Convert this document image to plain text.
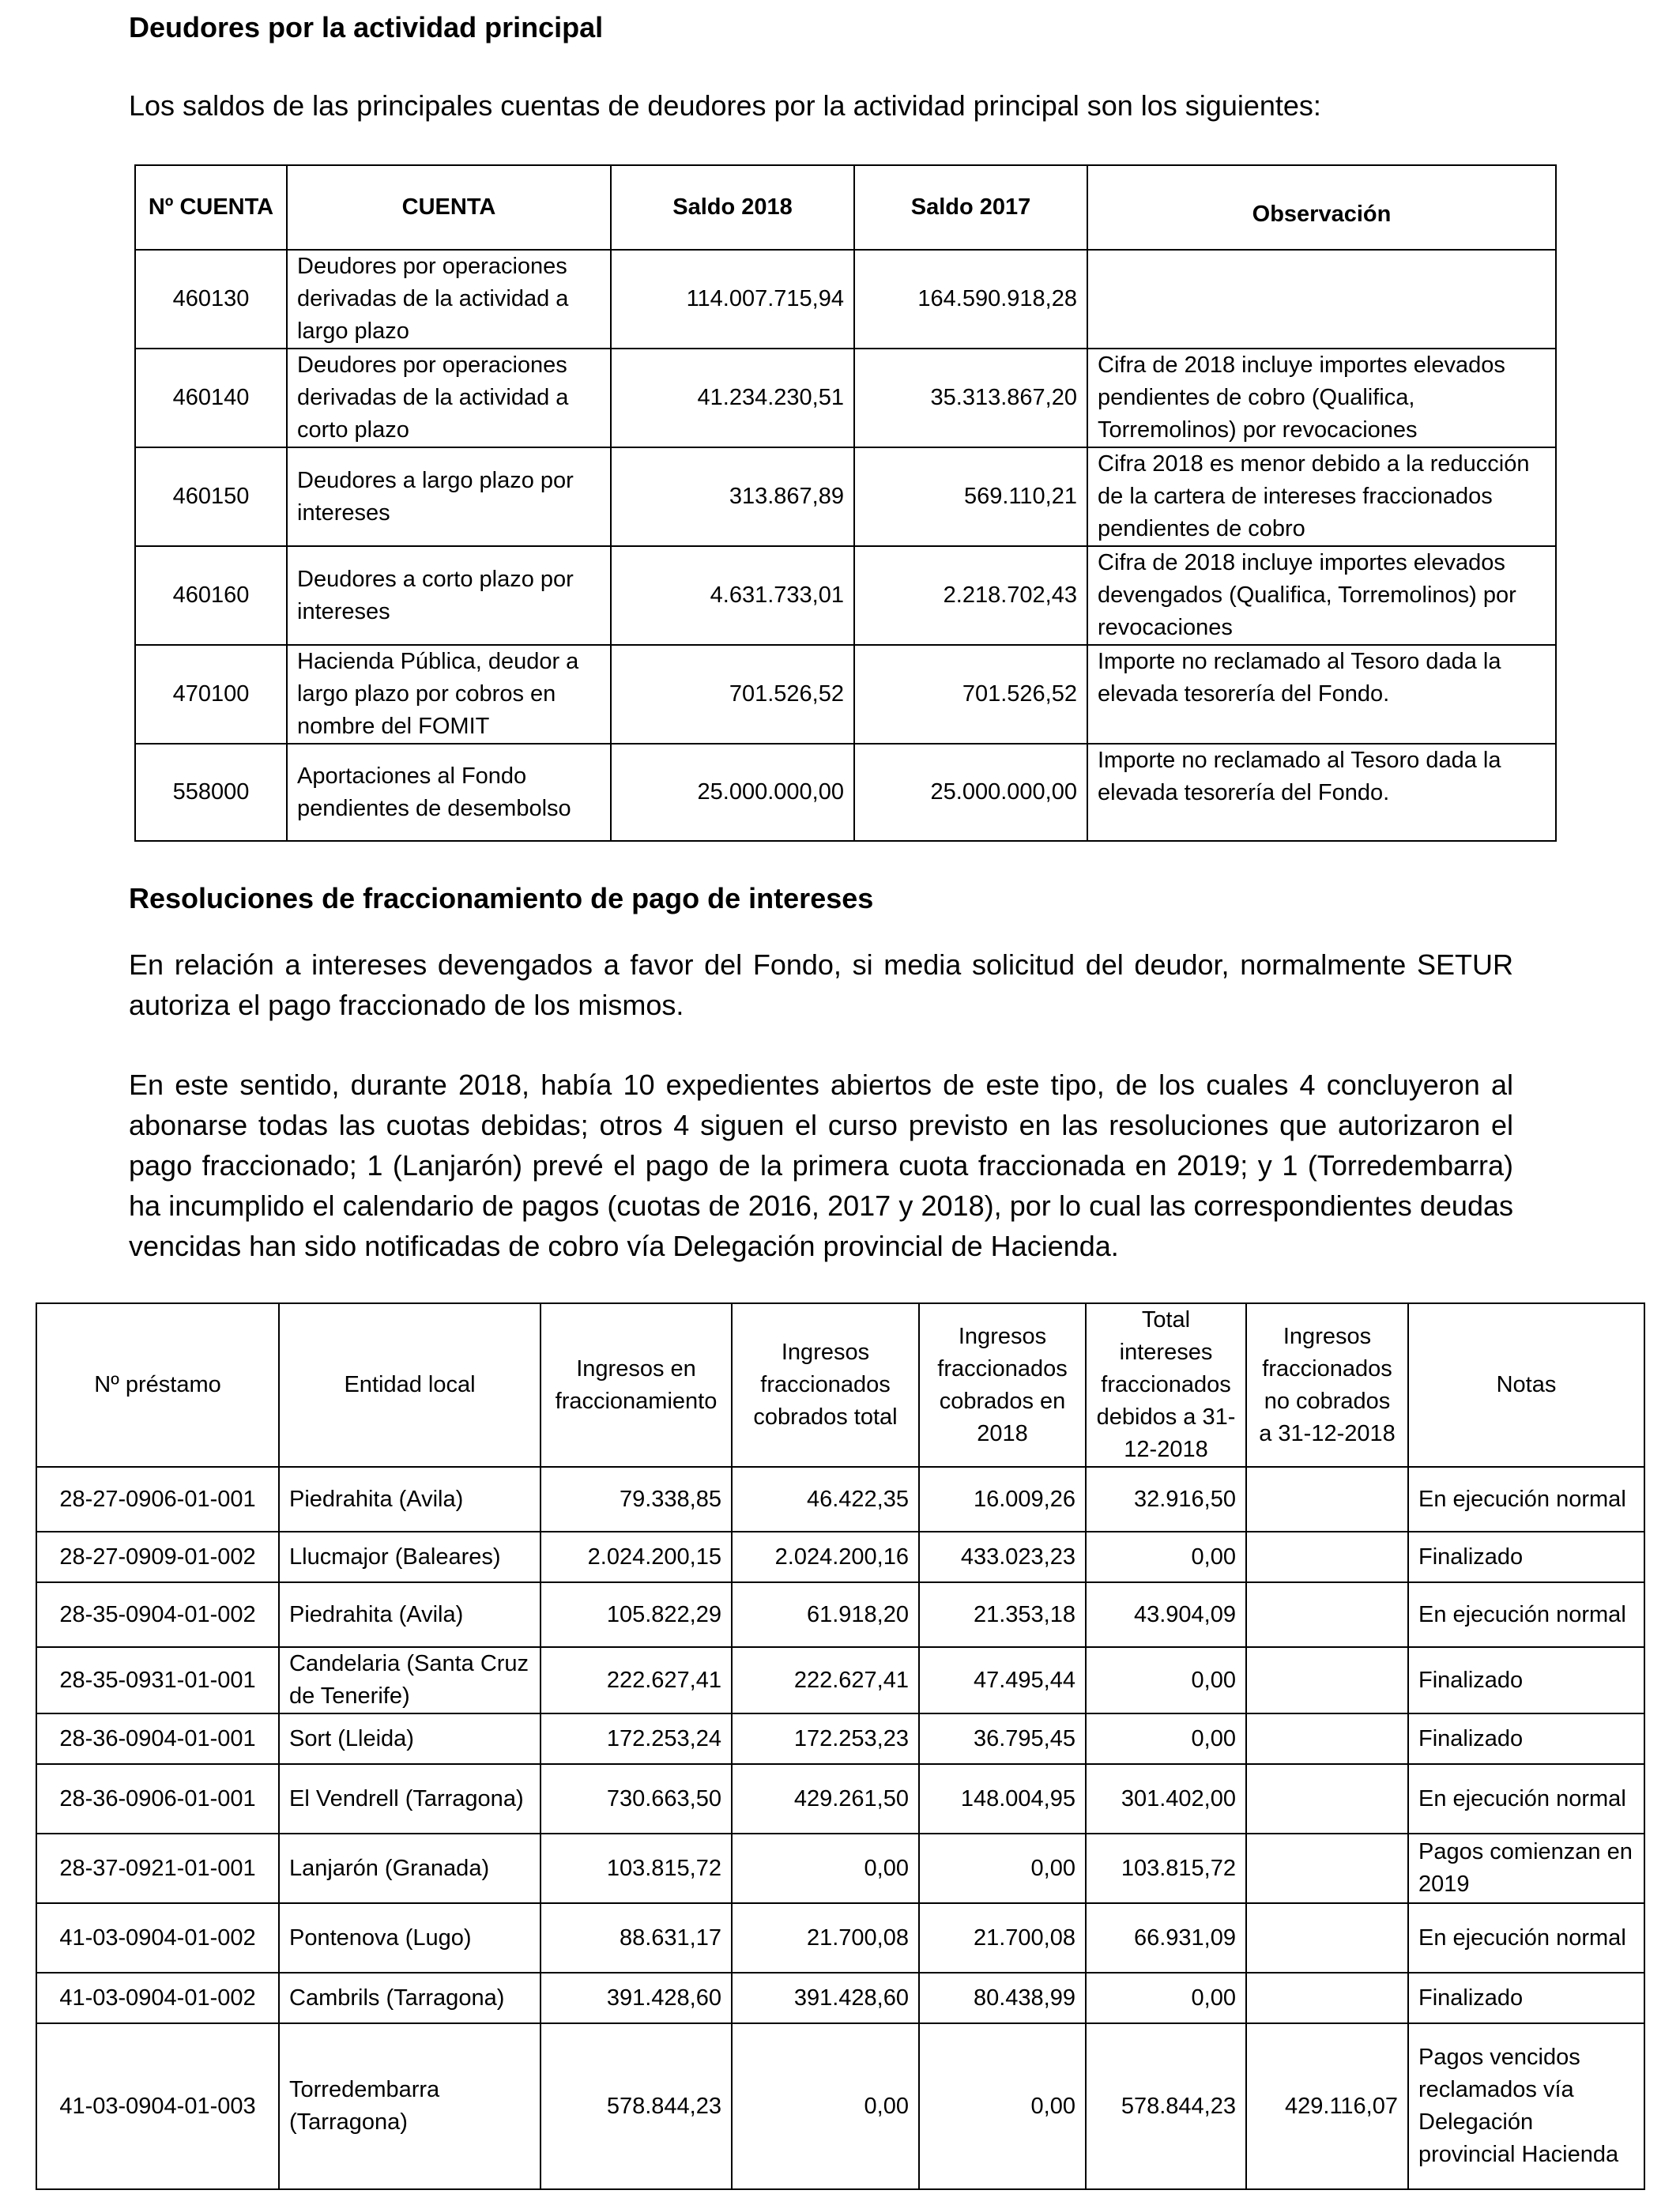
Deudores por la actividad principal

Los saldos de las principales cuentas de deudores por la actividad principal son los siguientes:

Nº CUENTA	CUENTA	Saldo 2018	Saldo 2017	Observación
460130	Deudores por operaciones derivadas de la actividad a largo plazo	114.007.715,94	164.590.918,28	
460140	Deudores por operaciones derivadas de la actividad a corto plazo	41.234.230,51	35.313.867,20	Cifra de 2018 incluye importes elevados pendientes de cobro (Qualifica, Torremolinos) por revocaciones
460150	Deudores a largo plazo por intereses	313.867,89	569.110,21	Cifra 2018 es menor debido a la reducción de la cartera de intereses fraccionados pendientes de cobro
460160	Deudores a corto plazo por intereses	4.631.733,01	2.218.702,43	Cifra de 2018 incluye importes elevados devengados (Qualifica, Torremolinos) por revocaciones
470100	Hacienda Pública, deudor a largo plazo por cobros en nombre del FOMIT	701.526,52	701.526,52	Importe no reclamado al Tesoro dada la elevada tesorería del Fondo.
558000	Aportaciones al Fondo pendientes de desembolso	25.000.000,00	25.000.000,00	Importe no reclamado al Tesoro dada la elevada tesorería del Fondo.
Resoluciones de fraccionamiento de pago de intereses

En relación a intereses devengados a favor del Fondo, si media solicitud del deudor, normalmente SETUR autoriza el pago fraccionado de los mismos.

En este sentido, durante 2018, había 10 expedientes abiertos de este tipo, de los cuales 4 concluyeron al abonarse todas las cuotas debidas; otros 4 siguen el curso previsto en las resoluciones que autorizaron el pago fraccionado; 1 (Lanjarón) prevé el pago de la primera cuota fraccionada en 2019; y 1 (Torredembarra) ha incumplido el calendario de pagos (cuotas de 2016, 2017 y 2018), por lo cual las correspondientes deudas vencidas han sido notificadas de cobro vía Delegación provincial de Hacienda.

Nº préstamo	Entidad local	Ingresos en fraccionamiento	Ingresos fraccionados cobrados total	Ingresos fraccionados cobrados en 2018	Total intereses fraccionados debidos a 31-12-2018	Ingresos fraccionados no cobrados a 31-12-2018	Notas
28-27-0906-01-001	Piedrahita (Avila)	79.338,85	46.422,35	16.009,26	32.916,50		En ejecución normal
28-27-0909-01-002	Llucmajor (Baleares)	2.024.200,15	2.024.200,16	433.023,23	0,00		Finalizado
28-35-0904-01-002	Piedrahita (Avila)	105.822,29	61.918,20	21.353,18	43.904,09		En ejecución normal
28-35-0931-01-001	Candelaria (Santa Cruz de Tenerife)	222.627,41	222.627,41	47.495,44	0,00		Finalizado
28-36-0904-01-001	Sort (Lleida)	172.253,24	172.253,23	36.795,45	0,00		Finalizado
28-36-0906-01-001	El Vendrell (Tarragona)	730.663,50	429.261,50	148.004,95	301.402,00		En ejecución normal
28-37-0921-01-001	Lanjarón (Granada)	103.815,72	0,00	0,00	103.815,72		Pagos comienzan en 2019
41-03-0904-01-002	Pontenova (Lugo)	88.631,17	21.700,08	21.700,08	66.931,09		En ejecución normal
41-03-0904-01-002	Cambrils (Tarragona)	391.428,60	391.428,60	80.438,99	0,00		Finalizado
41-03-0904-01-003	Torredembarra (Tarragona)	578.844,23	0,00	0,00	578.844,23	429.116,07	Pagos vencidos reclamados vía Delegación provincial Hacienda
